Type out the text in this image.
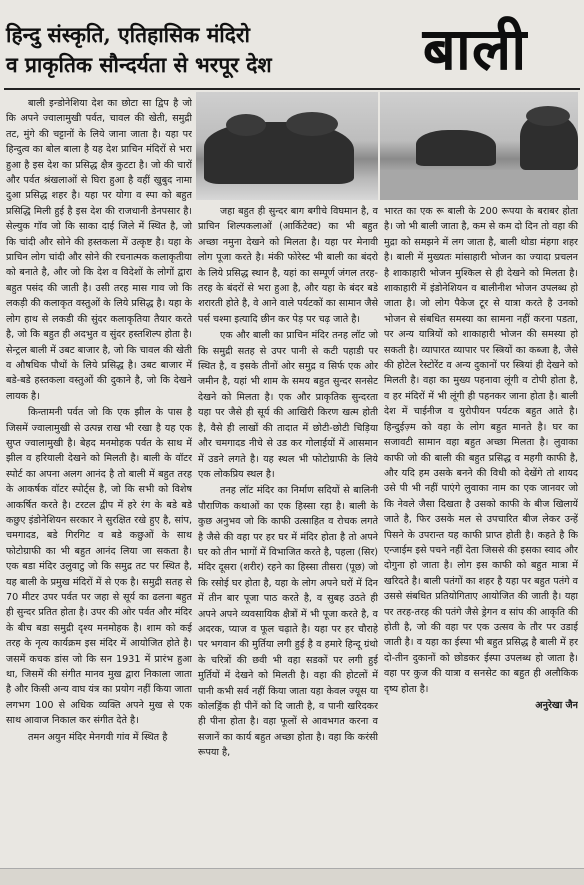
हिन्दु संस्कृति, एतिहासिक मंदिरो
व प्राकृतिक सौन्दर्यता से भरपूर देश	बाली

बाली इन्डोनेशिया देश का छोटा सा द्विप है जो कि अपने ज्वालामुखी पर्वत, चावल की खेती, समुद्री तट, मुंगे की चट्टानों के लिये जाना जाता है। यहा पर हिन्दुत्व का बोल बाला है यह देश प्राचिन मंदिरों से भरा हुआ है इस देश का प्रसिद्ध क्षैत्र कुटटा है। जो की चारों और पर्वत श्रंखलाओं से घिरा हुआ है वहीं खुबुद नामा दुआ प्रसिद्ध शहर है। यहा पर योगा व स्पा को बहुत प्रसिद्धि मिली हुई है इस देश की राजधानी डेनपसार है। सेल्युक गॉव जो कि साका दाई जिले में स्थित है, जो कि चांदी और सोने की हस्तकला में उत्कृष्ट है। यहा के प्राचिन लोग चांदी और सोने की रचनात्मक कलाकृतीया को बनाते है, और जो कि देश व विदेशों के लोगों द्वारा बहुत पसंद की जाती है। उसी तरह मास गाव जो कि लकड़ी की कलाकृत वस्तुओं के लिये प्रसिद्ध है। यहा के लोग हाथ से लकडी की सुंदर कलाकृतिया तैयार करते है, जो कि बहुत ही अदभुत व सुंदर हस्तशिल्प होता है। सेन्ट्रल बाली में उबट बाजार है, जो कि चावल की खेती व औषधिक पौधों के लिये प्रसिद्ध है। उबट बाजार में बडे-बडे हस्तकला वस्तुओं की दुकाने है, जो कि देखने लायक है।

किन्तामनी पर्वत जो कि एक झील के पास है जिसमें ज्वालामुखी से उत्पन्न राख भी रखा है यह एक सुप्त ज्वालामुखी है। बेहद मनमोहक पर्वत के साथ में झील व हरियाली देखने को मिलती है। बाली के वॉटर स्पोर्ट का अपना अलग आनंद है तो बाली में बहुत तरह के आकर्षक वॉटर स्पोर्ट्स है, जो कि सभी को विशेष आकर्षित करते है। टरटल द्वीप में हरे रंग के बडे बडे कछुए इंडोनेशियन सरकार ने सुरक्षित रखे हुए है, सांप, चमगादड, बडे गिरगिट व बडे कछुओं के साथ फोटोग्राफी का भी बहुत आनंद लिया जा सकता है। एक बडा मंदिर उलुवाटु जो कि समुद्र तट पर स्थित है, यह बाली के प्रमुख मंदिरों में से एक है। समुद्री सतह से 70 मीटर उपर पर्वत पर जहा से सूर्य का ढलना बहुत ही सुन्दर प्रतित होता है। उपर की ओर पर्वत और मंदिर के बीच बडा समुद्री दृश्य मनमोहक है। शाम को कई तरह के नृत्य कार्यक्रम इस मंदिर में आयोजित होते है। जसमें कचक डांस जो कि सन 1931 में प्रारंभ हुआ था, जिसमें की संगीत मानव मुख द्वारा निकाला जाता है और किसी अन्य वाघ यंत्र का प्रयोग नहीं किया जाता लगभग 100 से अधिक व्यक्ति अपने मुख से एक साथ आवाज निकाल कर संगीत देते है।

तमन अयुन मंदिर मेनगवी गांव में स्थित है

जहा बहुत ही सुन्दर बाग बगीचे विघमान है, व प्राचिन शिल्पकलाओं (आर्किटेक्ट) का भी बहुत अच्छा नमुना देखने को मिलता है। यहा पर मेनावी लोग पूजा करते है। मंकी फोरेस्ट भी बाली का बंदरो के लिये प्रसिद्ध स्थान है, यहां का सम्पूर्ण जंगल तरह-तरह के बंदरों से भरा हुआ है, और यहा के बंदर बडे शरारती होते है, वे आने वाले पर्यटकों का सामान जैसे पर्स चश्मा इत्यादि छीन कर पेड़ पर चढ़ जाते है।

एक और बाली का प्राचिन मंदिर तनह लॉट जो कि समुद्री सतह से उपर पानी से कटी पहाडी पर स्थित है, व इसके तीनों ओर समुद्र व सिर्फ एक ओर जमीन है, यहां भी शाम के समय बहुत सुन्दर सनसेट देखने को मिलता है। एक और प्राकृतिक सुन्दरता यहा पर जैसे ही सूर्य की आखिरी किरण खत्म होती है, वैसे ही लाखों की तादात में छोटी-छोटी चिड़िया और चमगादड नीचे से उड कर गोलाईयों में आसमान में उडने लगते है। यह स्थल भी फोटोग्राफी के लिये एक लोकप्रिय स्थल है।

तनह लॉट मंदिर का निर्माण सदियों से बालिनी पौराणिक कथाओं का एक हिस्सा रहा है। बाली के कुछ अनुभव जो कि काफी उत्साहित व रोचक लगते है जैसे की वहा पर हर घर में मंदिर होता है तो अपने घर को तीन भागों में विभाजित करते है, पहला (सिर) मंदिर दूसरा (शरीर) रहने का हिस्सा तीसरा (पूछ) जो कि रसोई घर होता है, यहा के लोग अपने घरों में दिन में तीन बार पूजा पाठ करते है, व सुबह उठते ही अपने अपने व्यवसायिक क्षैत्रों में भी पूजा करते है, व अदरक, प्याज व फूल चढ़ाते है। यहा पर हर चौराहे पर भगवान की मुर्तिया लगी हुई है व हमारे हिन्दू ग्रंथो के चरित्रों की छवी भी वहा सडकों पर लगी हुई मुर्तियों में देखने को मिलती है। वहा की होटलों में पानी कभी सर्व नहीं किया जाता यहा केवल ज्यूस या कोलड्रिंक ही पीनें को दि जाती है, व पानी खरिदकर ही पीना होता है। वहा फूलों से आवभगत करना व सजानें का कार्य बहुत अच्छा होता है। वहा कि करंसी रूपया है,

भारत का एक रू बाली के 200 रूपया के बराबर होता है। जो भी बाली जाता है, कम से कम दो दिन तो वहा की मुद्रा को समझने में लग जाता है, बाली थोडा मंहगा शहर है। बाली में मुख्यतः मांसाहारी भोजन का ज्यादा प्रचलन है शाकाहारी भोजन मुश्किल से ही देखने को मिलता है। शाकाहारी में इंडोनेशियन व बालीनीश भोजन उपलब्ध हो जाता है। जो लोग पैकेज टूर से यात्रा करते है उनको भोजन से संबधित समस्या का सामना नहीं करना पडता, पर अन्य यात्रियों को शाकाहारी भोजन की समस्या हो सकती है। व्यापारत व्यापार पर स्त्रियों का कब्जा है, जैसे की होटेल रेस्टोरेंट व अन्य दुकानों पर स्त्रियां ही देखने को मिलती है। वहा का मुख्य पहनावा लूंगी व टोपी होता है, व हर मंदिरों में भी लूंगी ही पहनकर जाना होता है। बाली देश में चाईनीज व युरोपीयन पर्यटक बहुत आते है। हिन्दुईज़्म को वहा के लोग बहुत मानते है। घर का सजावटी सामान वहा बहुत अच्छा मिलता है। लुवाका काफी जो की बाली की बहुत प्रसिद्ध व महगी काफी है, और यदि हम उसके बनने की विधी को देखेंगे तो शायद उसे पी भी नहीं पाएंगे लुवाका नाम का एक जानवर जो कि नेवले जैसा दिखता है उसको काफी के बीज खिलायें जाते है, फिर उसके मल से उपचारित बीज लेकर उन्हें पिसने के उपरान्त यह काफी प्राप्त होती है। कहते है कि एन्जाईम इसे पचने नहीं देता जिससे की इसका स्वाद और दोगुना हो जाता है। लोग इस काफी को बहुत मात्रा में खरिदते है। बाली पतंगों का शहर है यहा पर बहुत पतंगे व उससे संबधित प्रतियोगिताए आयोजित की जाती है। यहा पर तरह-तरह की पतंगे जैसे ड्रेगन व सांप की आकृति की होती है, जो की वहा पर एक उत्सव के तौर पर उडाई जाती है। व यहा का ईस्पा भी बहुत प्रसिद्ध है बाली में हर दो-तीन दुकानों को छोडकर ईस्पा उपलब्ध हो जाता है। वहा पर कुज की यात्रा व सनसेट का बहुत ही अलौकिक दृष्य होता है।

अनुरेखा जैन
